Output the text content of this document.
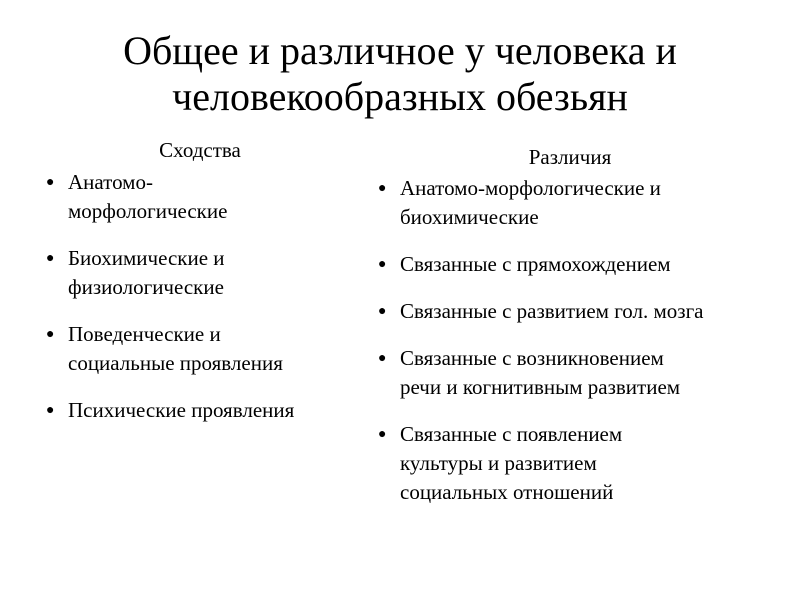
Общее и различное у человека и
человекообразных обезьян
Сходства	Различия
● Анатомо-
морфологические
● Биохимические и
физиологические
● Поведенческие и
социальные проявления
● Психические проявления
● Анатомо-морфологические и
биохимические
● Связанные с прямохождением
● Связанные с развитием гол. мозга
● Связанные с возникновением
речи и когнитивным развитием
● Связанные с появлением
культуры и развитием
социальных отношений
